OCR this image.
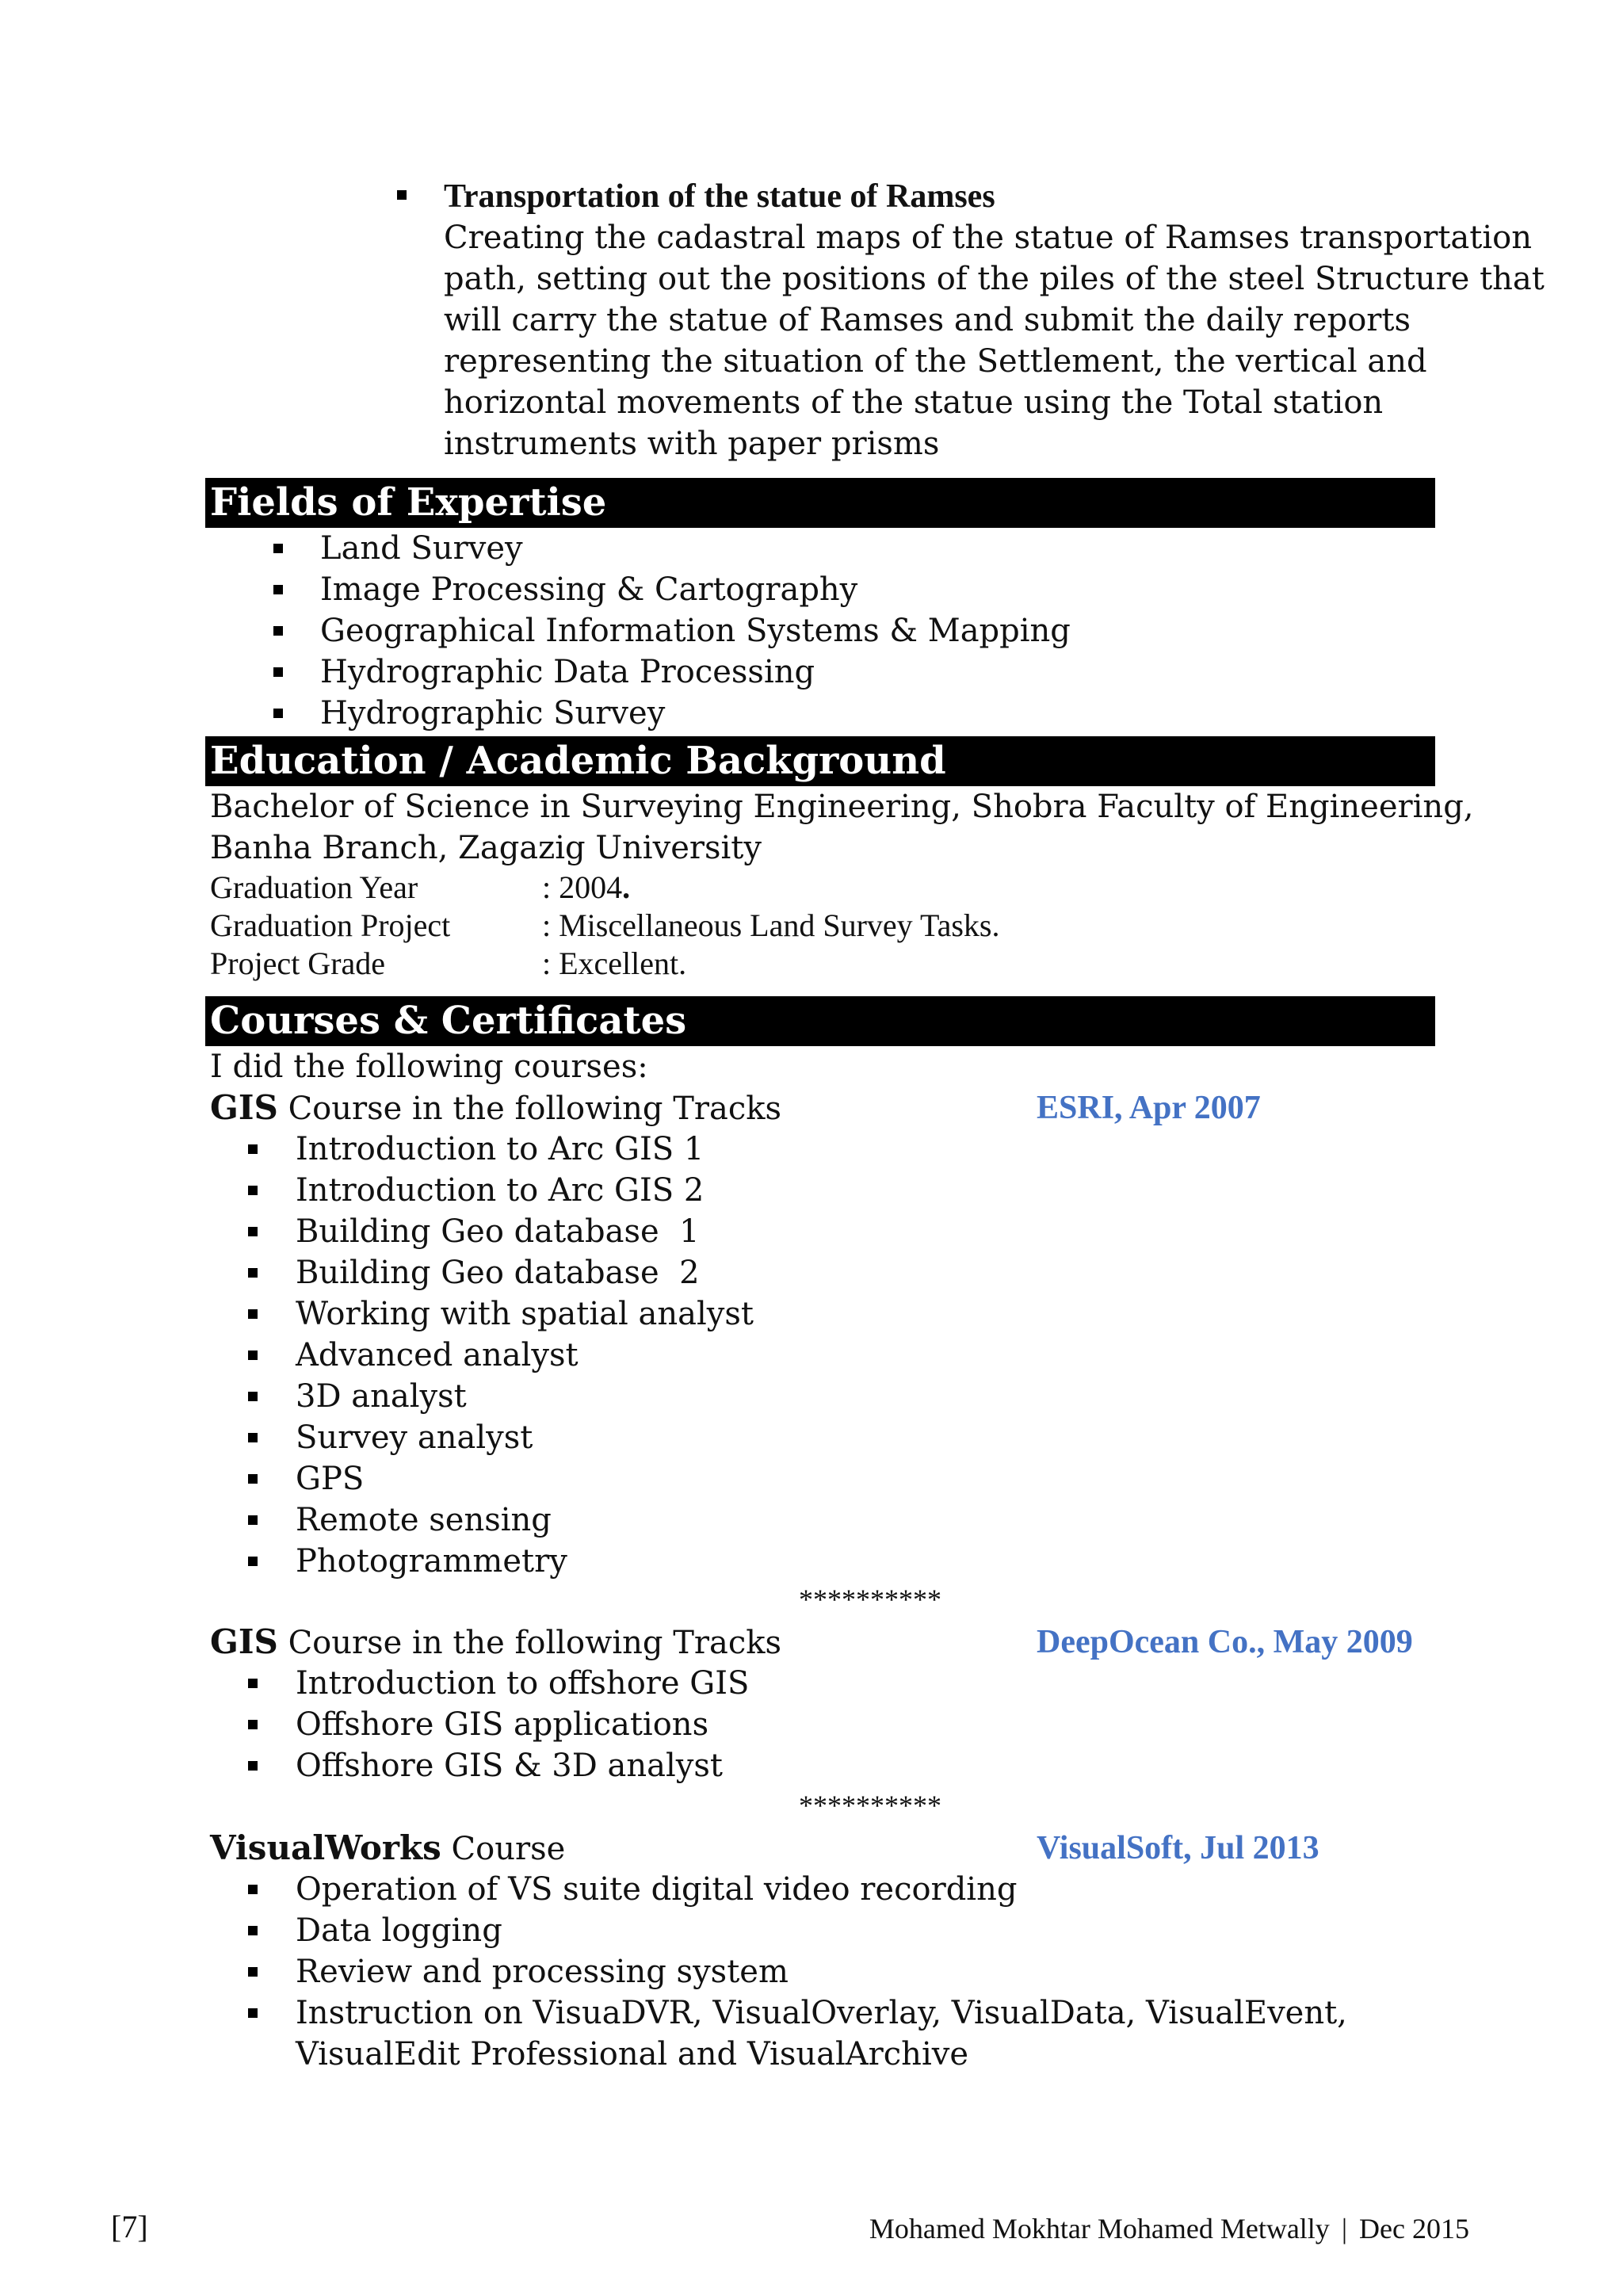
Transportation of the statue of Ramses
Creating the cadastral maps of the statue of Ramses transportation
path, setting out the positions of the piles of the steel Structure that
will carry the statue of Ramses and submit the daily reports
representing the situation of the Settlement, the vertical and
horizontal movements of the statue using the Total station
instruments with paper prisms
Fields of Expertise
Land Survey
Image Processing & Cartography
Geographical Information Systems & Mapping
Hydrographic Data Processing
Hydrographic Survey
Education / Academic Background
Bachelor of Science in Surveying Engineering, Shobra Faculty of Engineering,
Banha Branch, Zagazig University
Graduation Year	: 2004.
Graduation Project	: Miscellaneous Land Survey Tasks.
Project Grade	: Excellent.
Courses & Certificates
I did the following courses:
GIS Course in the following Tracks	ESRI, Apr 2007
Introduction to Arc GIS 1
Introduction to Arc GIS 2
Building Geo database  1
Building Geo database  2
Working with spatial analyst
Advanced analyst
3D analyst
Survey analyst
GPS
Remote sensing
Photogrammetry
**********
GIS Course in the following Tracks	DeepOcean Co., May 2009
Introduction to offshore GIS
Offshore GIS applications
Offshore GIS & 3D analyst
**********
VisualWorks Course	VisualSoft, Jul 2013
Operation of VS suite digital video recording
Data logging
Review and processing system
Instruction on VisuaDVR, VisualOverlay, VisualData, VisualEvent,
VisualEdit Professional and VisualArchive
[7]	Mohamed Mokhtar Mohamed Metwally | Dec 2015
